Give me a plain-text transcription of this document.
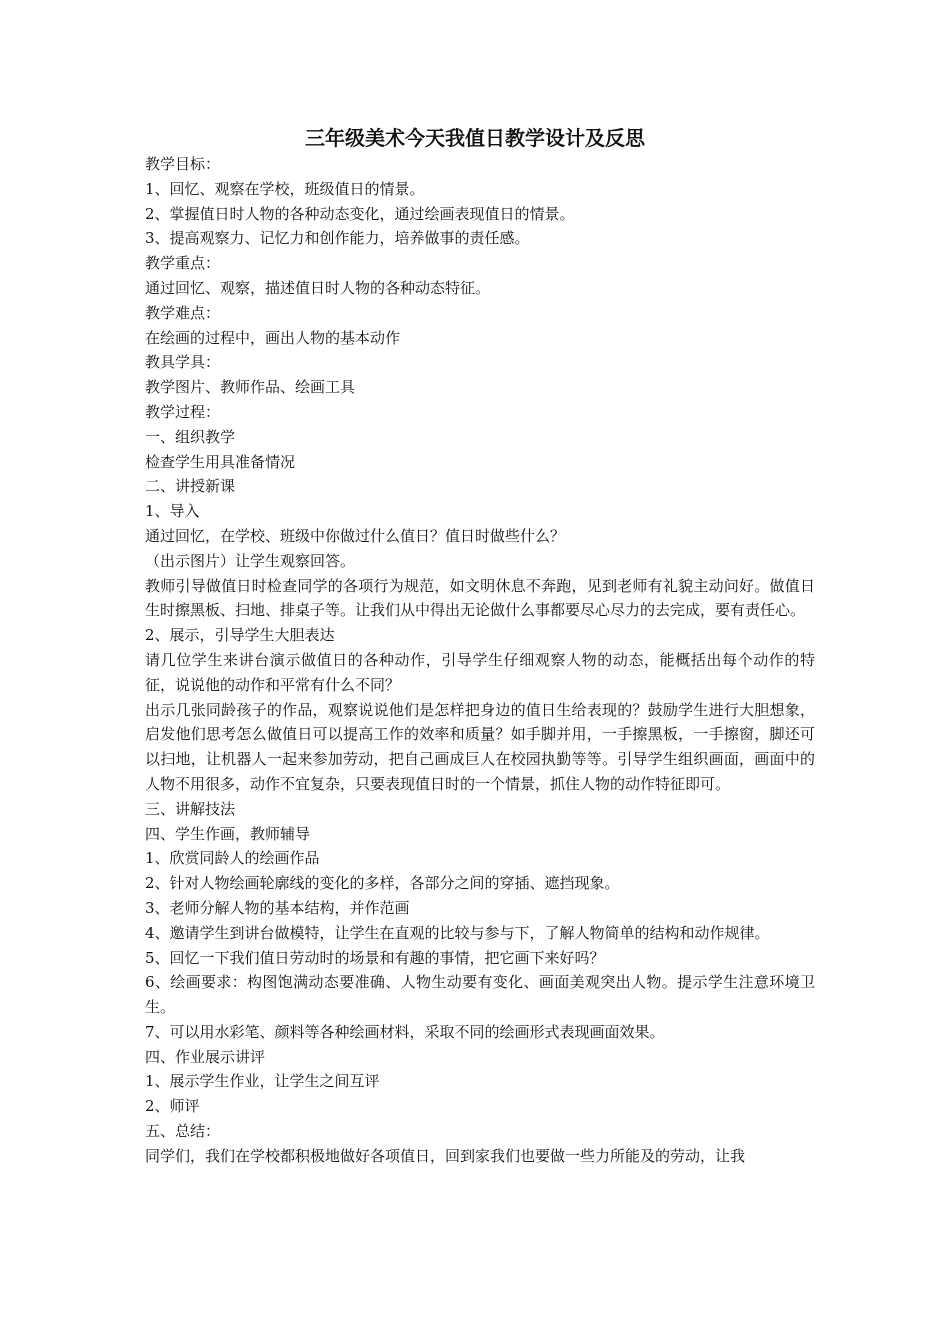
三年级美术今天我值日教学设计及反思
教学目标：
1、回忆、观察在学校，班级值日的情景。
2、掌握值日时人物的各种动态变化，通过绘画表现值日的情景。
3、提高观察力、记忆力和创作能力，培养做事的责任感。
教学重点：
通过回忆、观察，描述值日时人物的各种动态特征。
教学难点：
在绘画的过程中，画出人物的基本动作
教具学具：
教学图片、教师作品、绘画工具
教学过程：
一、组织教学
检查学生用具准备情况
二、讲授新课
1、导入
通过回忆，在学校、班级中你做过什么值日？值日时做些什么？
（出示图片）让学生观察回答。
教师引导做值日时检查同学的各项行为规范，如文明休息不奔跑，见到老师有礼貌主动问好。做值日生时擦黑板、扫地、排桌子等。让我们从中得出无论做什么事都要尽心尽力的去完成，要有责任心。
2、展示，引导学生大胆表达
请几位学生来讲台演示做值日的各种动作，引导学生仔细观察人物的动态，能概括出每个动作的特征，说说他的动作和平常有什么不同？
出示几张同龄孩子的作品，观察说说他们是怎样把身边的值日生给表现的？鼓励学生进行大胆想象，启发他们思考怎么做值日可以提高工作的效率和质量？如手脚并用，一手擦黑板，一手擦窗，脚还可以扫地，让机器人一起来参加劳动，把自己画成巨人在校园执勤等等。引导学生组织画面，画面中的人物不用很多，动作不宜复杂，只要表现值日时的一个情景，抓住人物的动作特征即可。
三、讲解技法
四、学生作画，教师辅导
1、欣赏同龄人的绘画作品
2、针对人物绘画轮廓线的变化的多样，各部分之间的穿插、遮挡现象。
3、老师分解人物的基本结构，并作范画
4、邀请学生到讲台做模特，让学生在直观的比较与参与下，了解人物简单的结构和动作规律。
5、回忆一下我们值日劳动时的场景和有趣的事情，把它画下来好吗？
6、绘画要求：构图饱满动态要准确、人物生动要有变化、画面美观突出人物。提示学生注意环境卫生。
7、可以用水彩笔、颜料等各种绘画材料，采取不同的绘画形式表现画面效果。
四、作业展示讲评
1、展示学生作业，让学生之间互评
2、师评
五、总结：
同学们，我们在学校都积极地做好各项值日，回到家我们也要做一些力所能及的劳动，让我
